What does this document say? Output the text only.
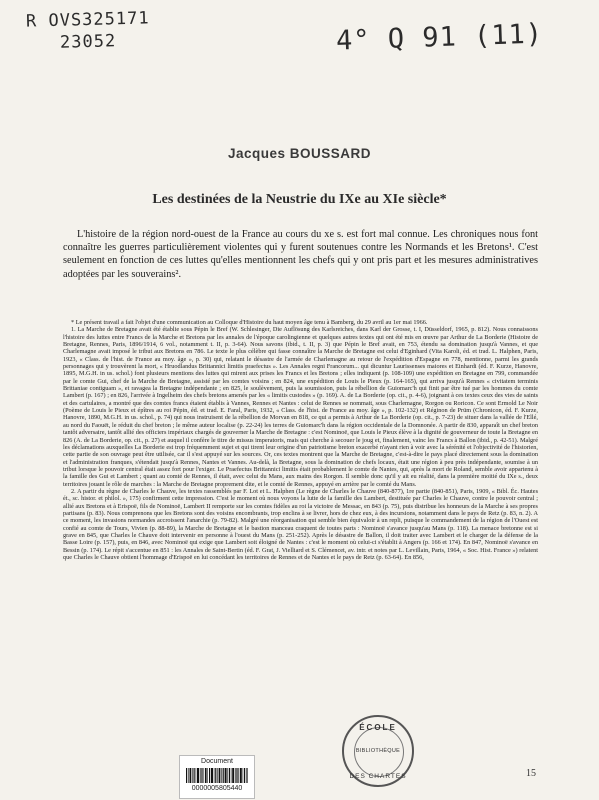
R OVS325171
23052	4° Q 91 (11)
Jacques BOUSSARD
Les destinées de la Neustrie du IXe au XIe siècle*

L'histoire de la région nord-ouest de la France au cours du xe s. est fort mal connue. Les chroniques nous font connaître les guerres particulièrement violentes qui y furent soutenues contre les Normands et les Bretons¹. C'est seulement en fonction de ces luttes qu'elles mentionnent les chefs qui y ont pris part et les mesures administratives adoptées par les souverains².

* Le présent travail a fait l'objet d'une communication au Colloque d'Histoire du haut moyen âge tenu à Bamberg, du 29 avril au 1er mai 1966.

1. La Marche de Bretagne avait été établie sous Pépin le Bref (W. Schlesinger, Die Auflösung des Karlsreiches, dans Karl der Grosse, t. I, Düsseldorf, 1965, p. 812). Nous connaissons l'histoire des luttes entre Francs de la Marche et Bretons par les annales de l'époque carolingienne et quelques autres textes qui ont été mis en œuvre par Arthur de La Borderie (Histoire de Bretagne, Rennes, Paris, 1896/1914, 6 vol., notamment t. II, p. 3-64). Nous savons (ibid., t. II, p. 3) que Pépin le Bref avait, en 753, étendu sa domination jusqu'à Vannes, et que Charlemagne avait imposé le tribut aux Bretons en 786. Le texte le plus célèbre qui fasse connaître la Marche de Bretagne est celui d'Eginhard (Vita Karoli, éd. et trad. L. Halphen, Paris, 1923, « Class. de l'hist. de France au moy. âge », p. 30) qui, relatant le désastre de l'armée de Charlemagne au retour de l'expédition d'Espagne en 778, mentionne, parmi les grands personnages qui y trouvèrent la mort, « Hruodlandus Brittannici limitis praefectus ». Les Annales regni Francorum... qui dicuntur Laurissenses maiores et Einhardi (éd. F. Kurze, Hanovre, 1895, M.G.H. in us. schol.) font plusieurs mentions des luttes qui mirent aux prises les Francs et les Bretons ; elles indiquent (p. 108-109) une expédition en Bretagne en 799, commandée par le comte Gui, chef de la Marche de Bretagne, assisté par les comtes voisins ; en 824, une expédition de Louis le Pieux (p. 164-165), qui arriva jusqu'à Rennes « civitatem terminis Brittaniae contiguam », et ravagea la Bretagne indépendante ; en 825, le soulèvement, puis la soumission, puis la rébellion de Guiomarc'h qui finit par être tué par les hommes du comte Lambert (p. 167) ; en 826, l'arrivée à Ingelheim des chefs bretons amenés par les « limitis custodes » (p. 169). A. de La Borderie (op. cit., p. 4-6), joignant à ces textes ceux des vies de saints et des cartulaires, a montré que des comtes francs étaient établis à Vannes, Rennes et Nantes : celui de Rennes se nommait, sous Charlemagne, Rorgon ou Roricon. Ce sont Ermold Le Noir (Poème de Louis le Pieux et épîtres au roi Pépin, éd. et trad. E. Faral, Paris, 1932, « Class. de l'hist. de France au moy. âge », p. 102-132) et Réginon de Prüm (Chronicon, éd. F. Kurze, Hanovre, 1890, M.G.H. in us. schol., p. 74) qui nous instruisent de la rébellion de Morvan en 818, ce qui a permis à Arthur de La Borderie (op. cit., p. 7-23) de situer dans la vallée de l'Ellé, au nord du Faouët, le réduit du chef breton ; le même auteur localise (p. 22-24) les terres de Guiomarc'h dans la région occidentale de la Domnonée. A partir de 830, apparaît un chef breton tantôt adversaire, tantôt allié des officiers impériaux chargés de gouverner la Marche de Bretagne : c'est Nominoë, que Louis le Pieux élève à la dignité de gouverneur de toute la Bretagne en 826 (A. de La Borderie, op. cit., p. 27) et auquel il confère le titre de missus imperatoris, mais qui cherche à secouer le joug et, finalement, vainc les Francs à Ballon (ibid., p. 42-51). Malgré les déclamations auxquelles La Borderie est trop fréquemment sujet et qui tirent leur origine d'un patriotisme breton exacerbé n'ayant rien à voir avec la sérénité et l'objectivité de l'historien, cette partie de son ouvrage peut être utilisée, car il s'est appuyé sur les sources. Or, ces textes montrent que la Marche de Bretagne, c'est-à-dire le pays placé directement sous la domination et l'administration franques, s'étendait jusqu'à Rennes, Nantes et Vannes. Au-delà, la Bretagne, sous la domination de chefs locaux, était une région à peu près indépendante, soumise à un tribut lorsque le pouvoir central était assez fort pour l'exiger. Le Praefectus Brittannici limitis était probablement le comte de Nantes, qui, après la mort de Roland, semble avoir appartenu à la famille des Gui et Lambert ; quant au comté de Rennes, il était, avec celui du Mans, aux mains des Rorgon. Il semble donc qu'il y ait eu réalité, dans la première moitié du IXe s., deux territoires jouant le rôle de marches : la Marche de Bretagne proprement dite, et le comté de Rennes, appuyé en arrière par le comté du Mans.

2. A partir du règne de Charles le Chauve, les textes rassemblés par F. Lot et L. Halphen (Le règne de Charles le Chauve (840-877), 1re partie (840-851), Paris, 1909, « Bibl. Éc. Hautes ét., sc. histor. et philol. », 175) confirment cette impression. C'est le moment où nous voyons la lutte de la famille des Lambert, destituée par Charles le Chauve, contre le pouvoir central ; allié aux Bretons et à Erispoë, fils de Nominoë, Lambert II remporte sur les comtes fidèles au roi la victoire de Messac, en 843 (p. 75), puis distribue les honneurs de la Marche à ses propres partisans (p. 83). Nous comprenons que les Bretons sont des voisins encombrants, trop enclins à se livrer, hors de chez eux, à des incursions, notamment dans le pays de Retz (p. 83, n. 2). A ce moment, les invasions normandes accroissent l'anarchie (p. 79-82). Malgré une réorganisation qui semble bien équivaloir à un repli, puisque le commandement de la région de l'Ouest est confié au comte de Tours, Vivien (p. 88-89), la Marche de Bretagne et le bastion manceau craquent de toutes parts : Nominoë s'avance jusqu'au Mans (p. 118). La menace bretonne est si grave en 845, que Charles le Chauve doit intervenir en personne à l'ouest du Mans (p. 251-252). Après le désastre de Ballon, il doit traiter avec Lambert et le charger de la défense de la Basse Loire (p. 157), puis, en 846, avec Nominoë qui exige que Lambert soit éloigné de Nantes : c'est le moment où celui-ci s'établit à Angers (p. 166 et 174). En 847, Nominoë s'avance en Bessin (p. 174). Le répit s'accentue en 851 : les Annales de Saint-Bertin (éd. F. Grat, J. Vielliard et S. Clémencet, av. intr. et notes par L. Levillain, Paris, 1964, « Soc. Hist. France ») relatent que Charles le Chauve obtient l'hommage d'Erispoë en lui concédant les territoires de Rennes et de Nantes et le pays de Retz (p. 63-64). En 856,

15
ÉCOLE
BIBLIOTHÈQUE
DES CHARTES
Document
0000005805440
